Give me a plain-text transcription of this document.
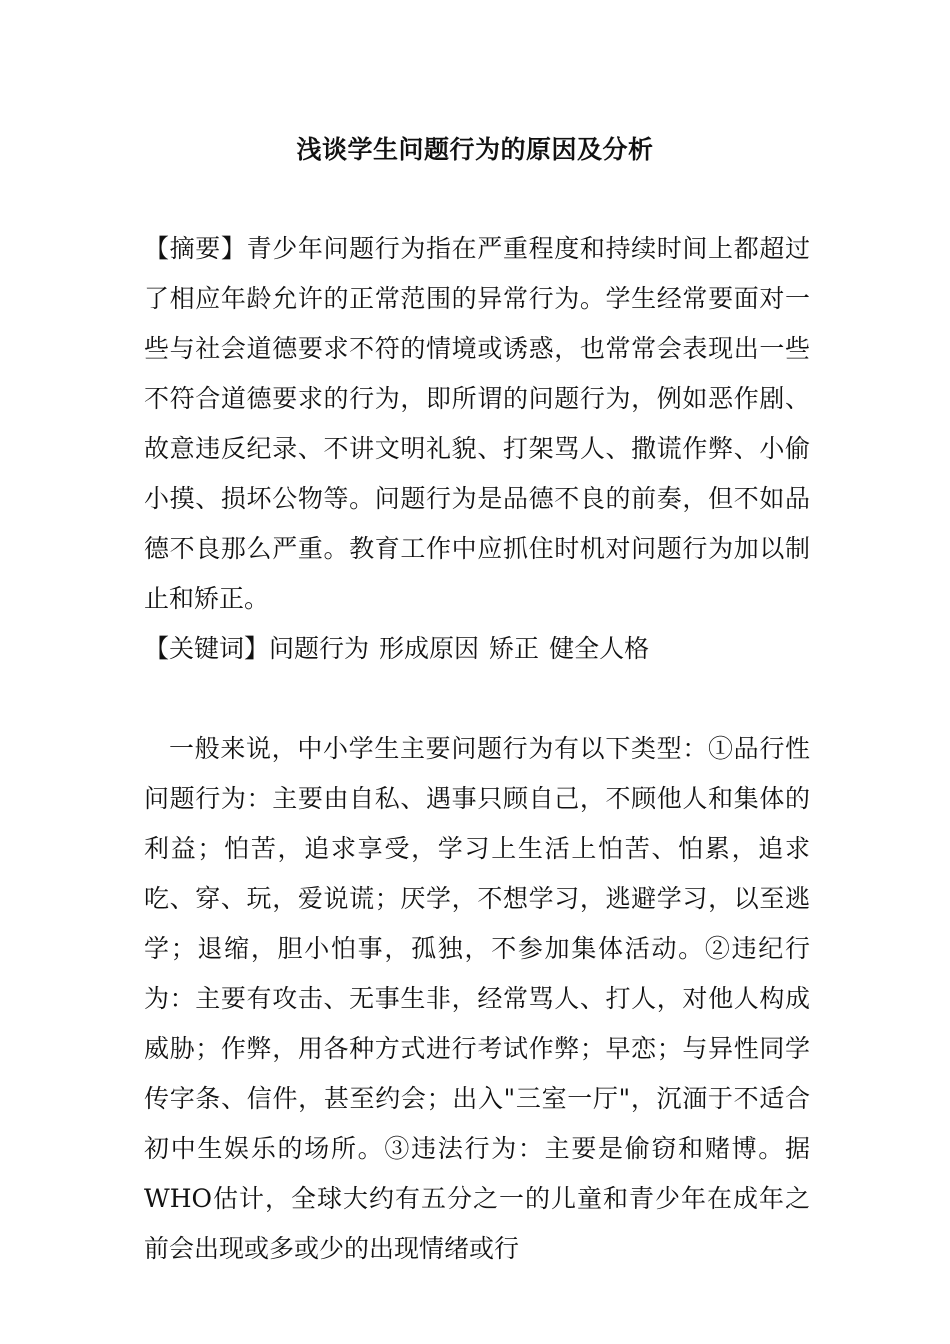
浅谈学生问题行为的原因及分析
【摘要】青少年问题行为指在严重程度和持续时间上都超过了相应年龄允许的正常范围的异常行为。学生经常要面对一些与社会道德要求不符的情境或诱惑，也常常会表现出一些不符合道德要求的行为，即所谓的问题行为，例如恶作剧、故意违反纪录、不讲文明礼貌、打架骂人、撒谎作弊、小偷小摸、损坏公物等。问题行为是品德不良的前奏，但不如品德不良那么严重。教育工作中应抓住时机对问题行为加以制止和矫正。
【关键词】问题行为 形成原因 矫正 健全人格
一般来说，中小学生主要问题行为有以下类型：①品行性问题行为：主要由自私、遇事只顾自己，不顾他人和集体的利益；怕苦，追求享受，学习上生活上怕苦、怕累，追求吃、穿、玩，爱说谎；厌学，不想学习，逃避学习，以至逃学；退缩，胆小怕事，孤独，不参加集体活动。②违纪行为：主要有攻击、无事生非，经常骂人、打人，对他人构成威胁；作弊，用各种方式进行考试作弊；早恋；与异性同学传字条、信件，甚至约会；出入"三室一厅"，沉湎于不适合初中生娱乐的场所。③违法行为：主要是偷窃和赌博。据WHO估计，全球大约有五分之一的儿童和青少年在成年之前会出现或多或少的出现情绪或行
